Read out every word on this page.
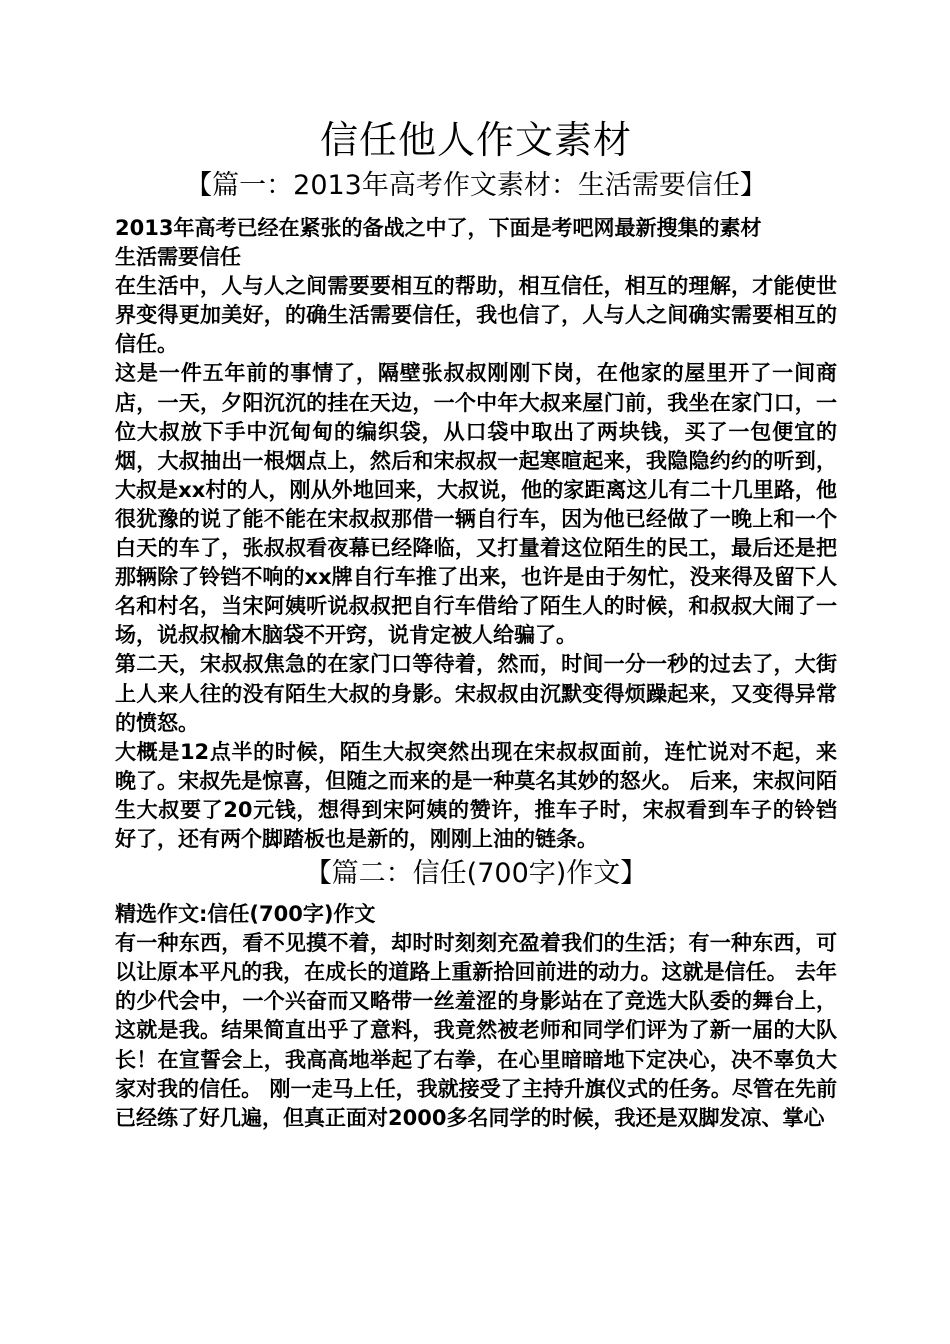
信任他人作文素材
【篇一：2013年高考作文素材：生活需要信任】

2013年高考已经在紧张的备战之中了，下面是考吧网最新搜集的素材

生活需要信任

在生活中，人与人之间需要要相互的帮助，相互信任，相互的理解，才能使世界变得更加美好，的确生活需要信任，我也信了，人与人之间确实需要相互的信任。

这是一件五年前的事情了，隔壁张叔叔刚刚下岗，在他家的屋里开了一间商店，一天，夕阳沉沉的挂在天边，一个中年大叔来屋门前，我坐在家门口，一位大叔放下手中沉甸甸的编织袋，从口袋中取出了两块钱，买了一包便宜的烟，大叔抽出一根烟点上，然后和宋叔叔一起寒暄起来，我隐隐约约的听到，大叔是xx村的人，刚从外地回来，大叔说，他的家距离这儿有二十几里路，他很犹豫的说了能不能在宋叔叔那借一辆自行车，因为他已经做了一晚上和一个白天的车了，张叔叔看夜幕已经降临，又打量着这位陌生的民工，最后还是把那辆除了铃铛不响的xx牌自行车推了出来，也许是由于匆忙，没来得及留下人名和村名，当宋阿姨听说叔叔把自行车借给了陌生人的时候，和叔叔大闹了一场，说叔叔榆木脑袋不开窍，说肯定被人给骗了。

第二天，宋叔叔焦急的在家门口等待着，然而，时间一分一秒的过去了，大街上人来人往的没有陌生大叔的身影。宋叔叔由沉默变得烦躁起来，又变得异常的愤怒。

大概是12点半的时候，陌生大叔突然出现在宋叔叔面前，连忙说对不起，来晚了。宋叔先是惊喜，但随之而来的是一种莫名其妙的怒火。 后来，宋叔问陌生大叔要了20元钱，想得到宋阿姨的赞许，推车子时，宋叔看到车子的铃铛好了，还有两个脚踏板也是新的，刚刚上油的链条。

【篇二：信任(700字)作文】

精选作文:信任(700字)作文

有一种东西，看不见摸不着，却时时刻刻充盈着我们的生活；有一种东西，可以让原本平凡的我，在成长的道路上重新拾回前进的动力。这就是信任。 去年的少代会中，一个兴奋而又略带一丝羞涩的身影站在了竞选大队委的舞台上，这就是我。结果简直出乎了意料，我竟然被老师和同学们评为了新一届的大队长！在宣誓会上，我高高地举起了右拳，在心里暗暗地下定决心，决不辜负大家对我的信任。 刚一走马上任，我就接受了主持升旗仪式的任务。尽管在先前已经练了好几遍，但真正面对2000多名同学的时候，我还是双脚发凉、掌心
